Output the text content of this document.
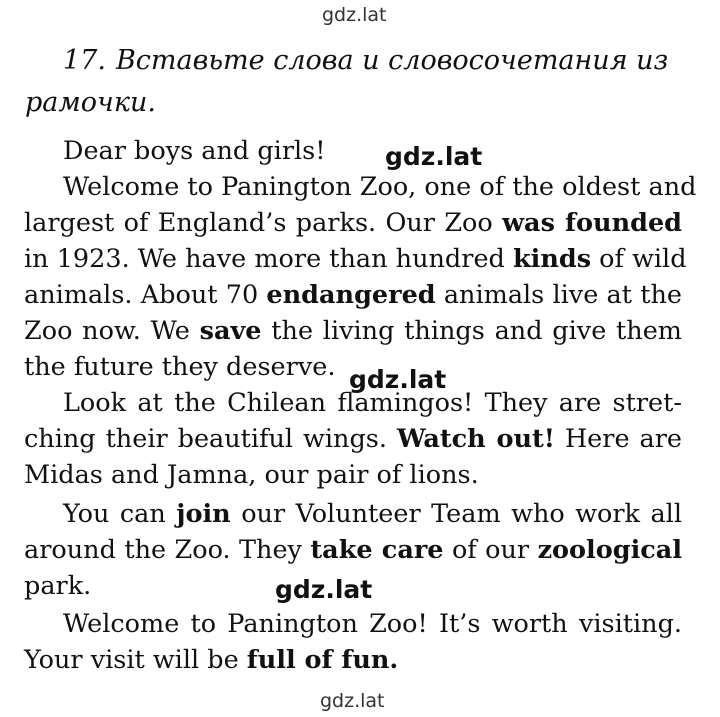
gdz.lat
17. Вставьте слова и словосочетания из
рамочки.
Dear boys and girls! gdz.lat
Welcome to Panington Zoo, one of the oldest and
largest of England’s parks. Our Zoo was founded
in 1923. We have more than hundred kinds of wild
animals. About 70 endangered animals live at the
Zoo now. We save the living things and give them
the future they deserve. gdz.lat
Look at the Chilean flamingos! They are stret-
ching their beautiful wings. Watch out! Here are
Midas and Jamna, our pair of lions.
You can join our Volunteer Team who work all
around the Zoo. They take care of our zoological
park.	gdz.lat
Welcome to Panington Zoo! It’s worth visiting.
Your visit will be full of fun.
gdz.lat
